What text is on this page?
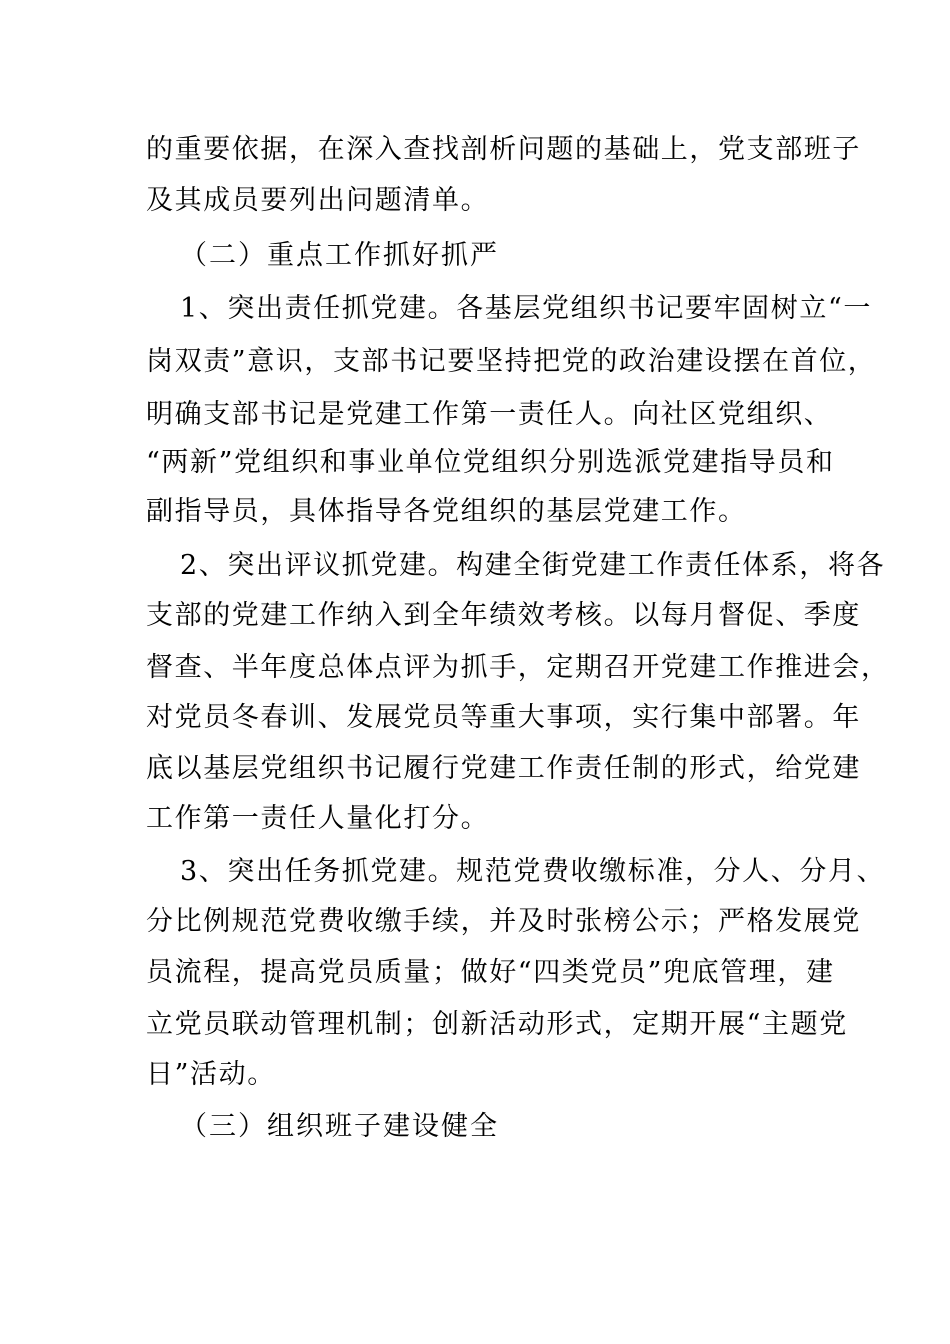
的重要依据，在深入查找剖析问题的基础上，党支部班子
及其成员要列出问题清单。
（二）重点工作抓好抓严
1、突出责任抓党建。各基层党组织书记要牢固树立“一
岗双责”意识，支部书记要坚持把党的政治建设摆在首位，
明确支部书记是党建工作第一责任人。向社区党组织、
“两新”党组织和事业单位党组织分别选派党建指导员和
副指导员，具体指导各党组织的基层党建工作。
2、突出评议抓党建。构建全街党建工作责任体系，将各
支部的党建工作纳入到全年绩效考核。以每月督促、季度
督查、半年度总体点评为抓手，定期召开党建工作推进会，
对党员冬春训、发展党员等重大事项，实行集中部署。年
底以基层党组织书记履行党建工作责任制的形式，给党建
工作第一责任人量化打分。
3、突出任务抓党建。规范党费收缴标准，分人、分月、
分比例规范党费收缴手续，并及时张榜公示；严格发展党
员流程，提高党员质量；做好“四类党员”兜底管理，建
立党员联动管理机制；创新活动形式，定期开展“主题党
日”活动。
（三）组织班子建设健全
